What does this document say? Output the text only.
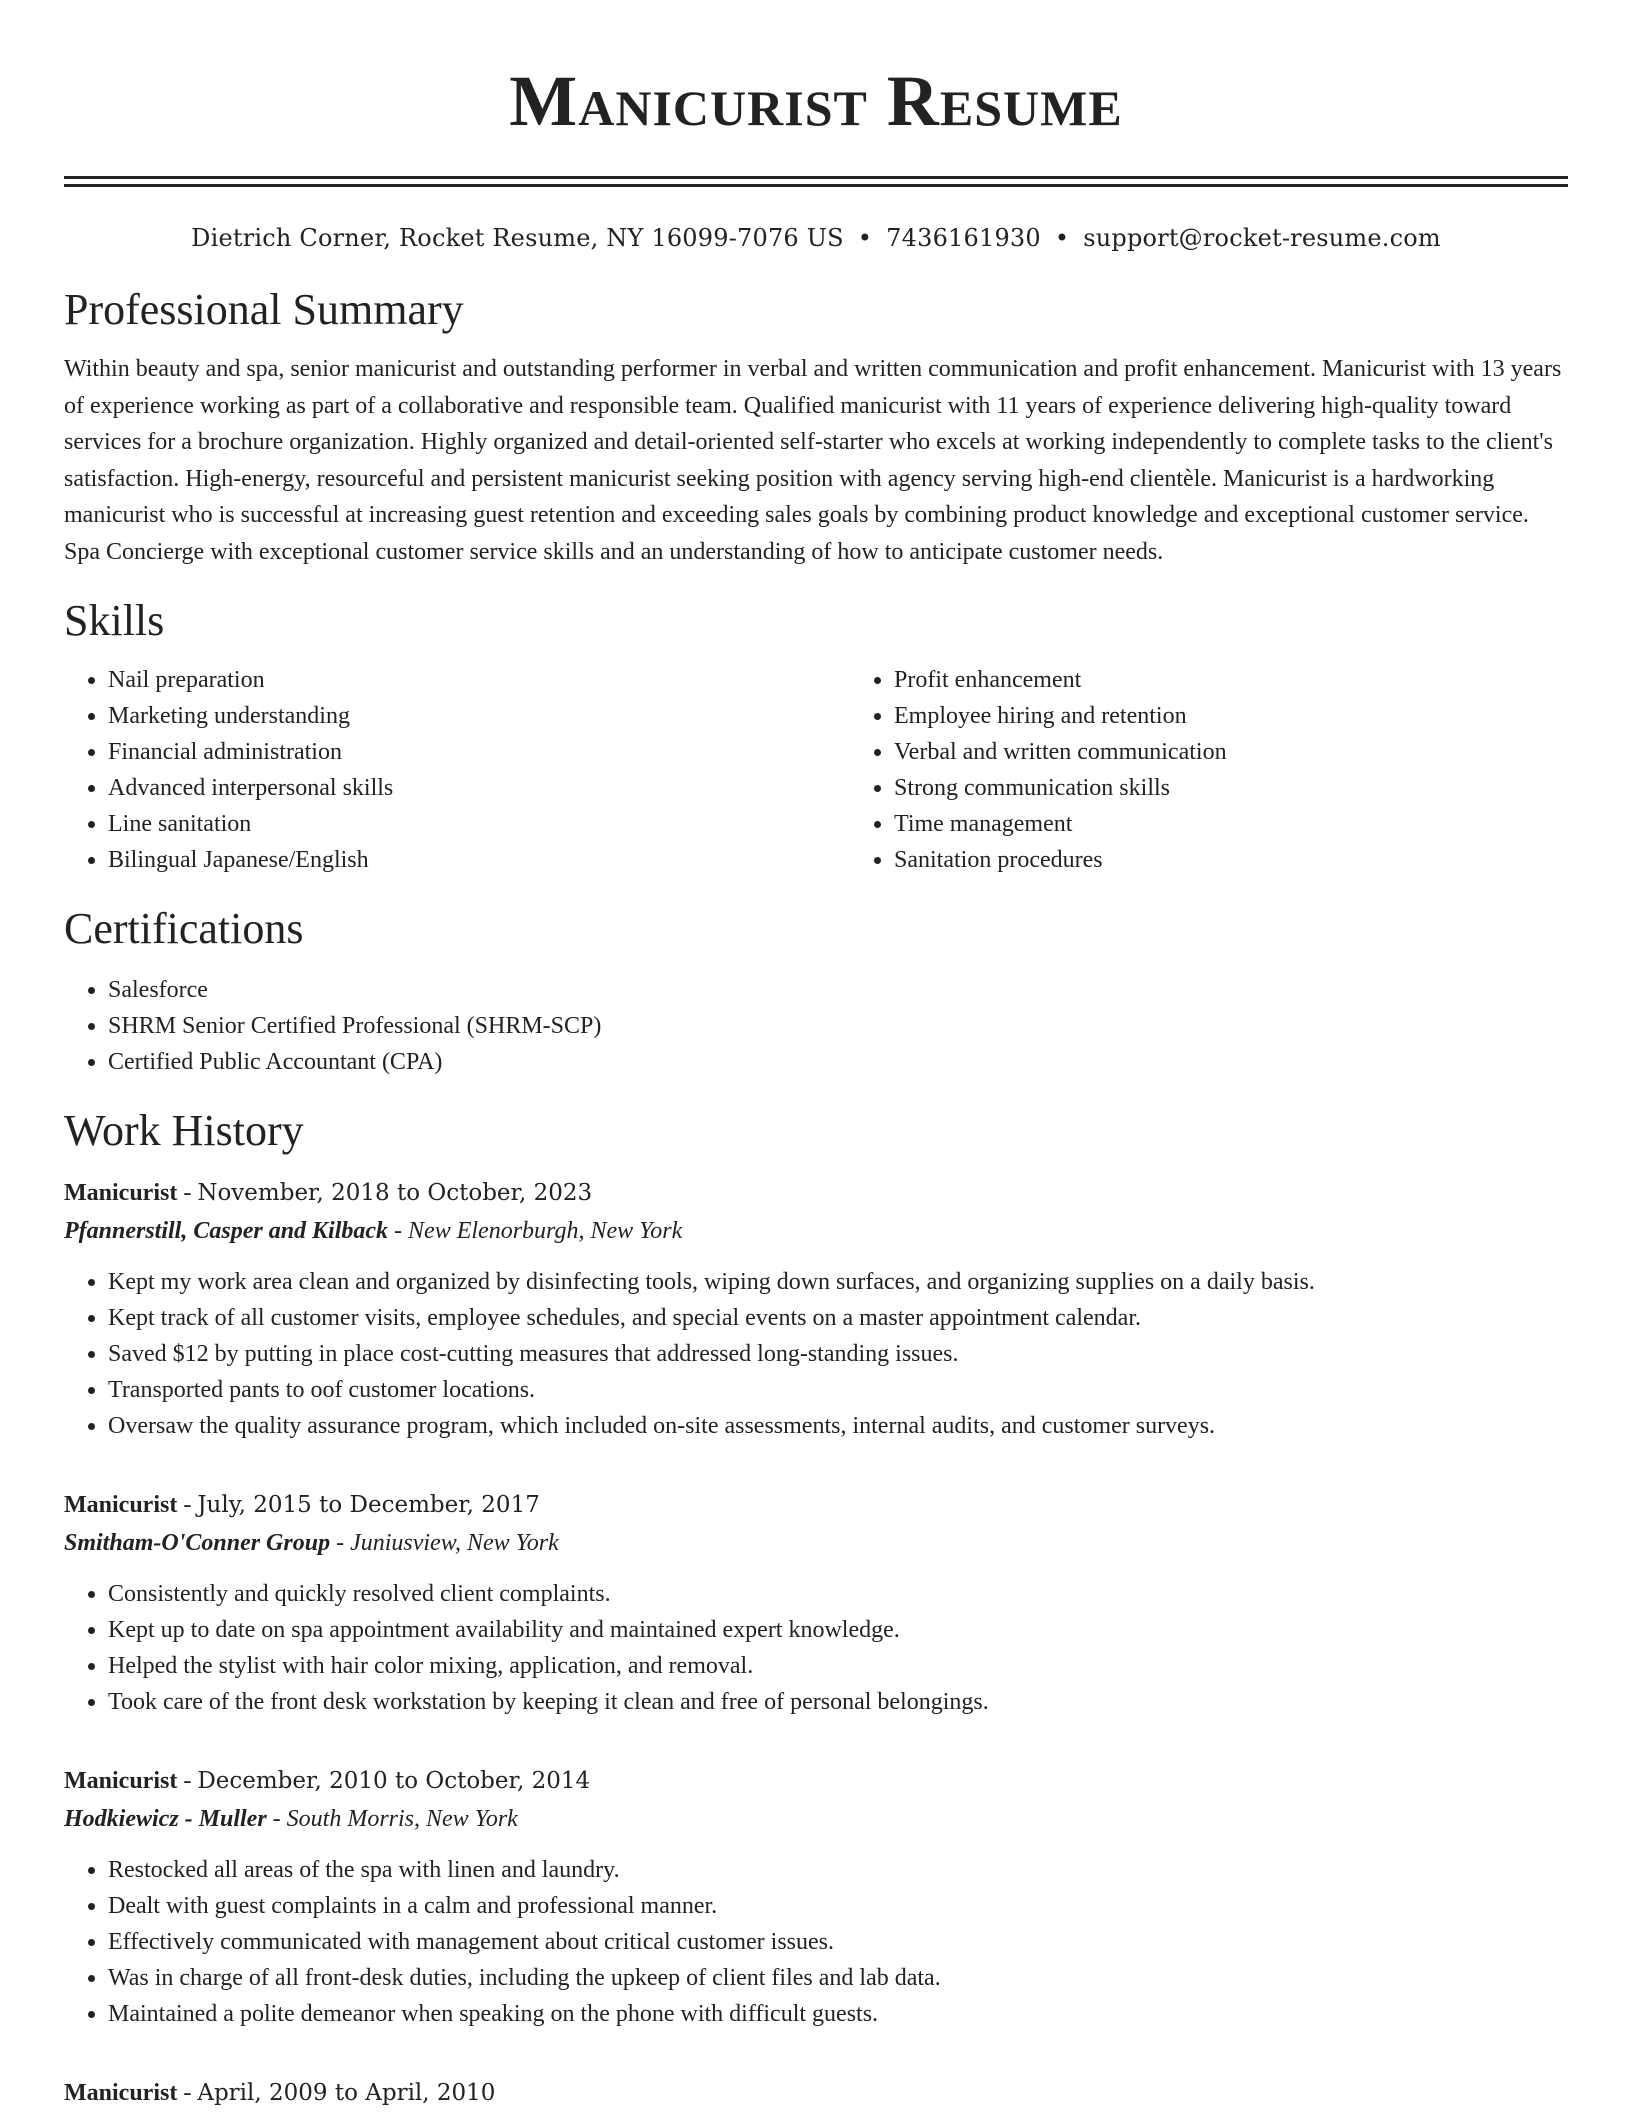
Manicurist Resume
Dietrich Corner, Rocket Resume, NY 16099-7076 US • 7436161930 • support@rocket-resume.com
Professional Summary

Within beauty and spa, senior manicurist and outstanding performer in verbal and written communication and profit enhancement. Manicurist with 13 years of experience working as part of a collaborative and responsible team. Qualified manicurist with 11 years of experience delivering high-quality toward services for a brochure organization. Highly organized and detail-oriented self-starter who excels at working independently to complete tasks to the client's satisfaction. High-energy, resourceful and persistent manicurist seeking position with agency serving high-end clientèle. Manicurist is a hardworking manicurist who is successful at increasing guest retention and exceeding sales goals by combining product knowledge and exceptional customer service. Spa Concierge with exceptional customer service skills and an understanding of how to anticipate customer needs.

Skills
• Nail preparation
• Marketing understanding
• Financial administration
• Advanced interpersonal skills
• Line sanitation
• Bilingual Japanese/English
• Profit enhancement
• Employee hiring and retention
• Verbal and written communication
• Strong communication skills
• Time management
• Sanitation procedures
Certifications
• Salesforce
• SHRM Senior Certified Professional (SHRM-SCP)
• Certified Public Accountant (CPA)
Work History
Manicurist - November, 2018 to October, 2023
Pfannerstill, Casper and Kilback - New Elenorburgh, New York
• Kept my work area clean and organized by disinfecting tools, wiping down surfaces, and organizing supplies on a daily basis.
• Kept track of all customer visits, employee schedules, and special events on a master appointment calendar.
• Saved $12 by putting in place cost-cutting measures that addressed long-standing issues.
• Transported pants to oof customer locations.
• Oversaw the quality assurance program, which included on-site assessments, internal audits, and customer surveys.
Manicurist - July, 2015 to December, 2017
Smitham-O'Conner Group - Juniusview, New York
• Consistently and quickly resolved client complaints.
• Kept up to date on spa appointment availability and maintained expert knowledge.
• Helped the stylist with hair color mixing, application, and removal.
• Took care of the front desk workstation by keeping it clean and free of personal belongings.
Manicurist - December, 2010 to October, 2014
Hodkiewicz - Muller - South Morris, New York
• Restocked all areas of the spa with linen and laundry.
• Dealt with guest complaints in a calm and professional manner.
• Effectively communicated with management about critical customer issues.
• Was in charge of all front-desk duties, including the upkeep of client files and lab data.
• Maintained a polite demeanor when speaking on the phone with difficult guests.
Manicurist - April, 2009 to April, 2010
